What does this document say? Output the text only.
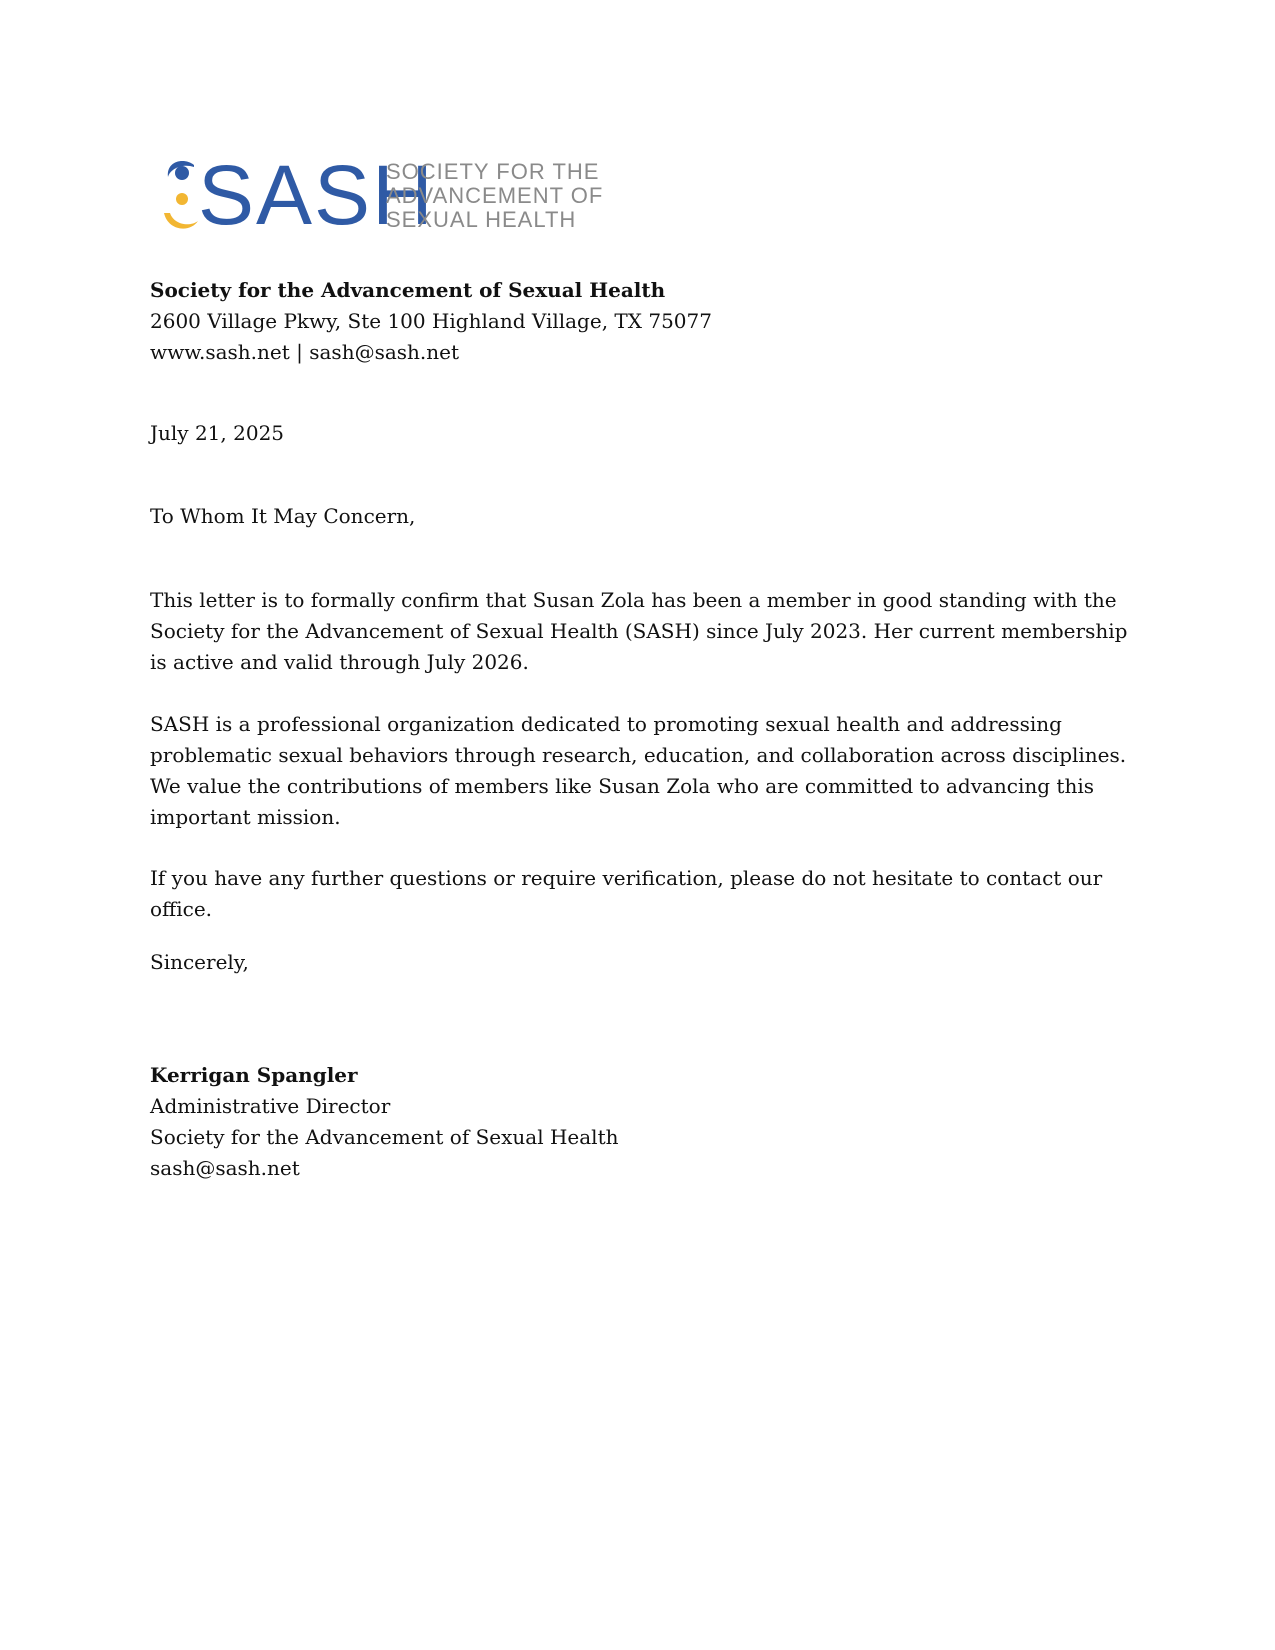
SASH
SOCIETY FOR THE
ADVANCEMENT OF
SEXUAL HEALTH
Society for the Advancement of Sexual Health
2600 Village Pkwy, Ste 100 Highland Village, TX 75077
www.sash.net | sash@sash.net
July 21, 2025
To Whom It May Concern,
This letter is to formally confirm that Susan Zola has been a member in good standing with the Society for the Advancement of Sexual Health (SASH) since July 2023. Her current membership is active and valid through July 2026.
SASH is a professional organization dedicated to promoting sexual health and addressing problematic sexual behaviors through research, education, and collaboration across disciplines. We value the contributions of members like Susan Zola who are committed to advancing this important mission.
If you have any further questions or require verification, please do not hesitate to contact our office.
Sincerely,
Kerrigan Spangler
Administrative Director
Society for the Advancement of Sexual Health
sash@sash.net
